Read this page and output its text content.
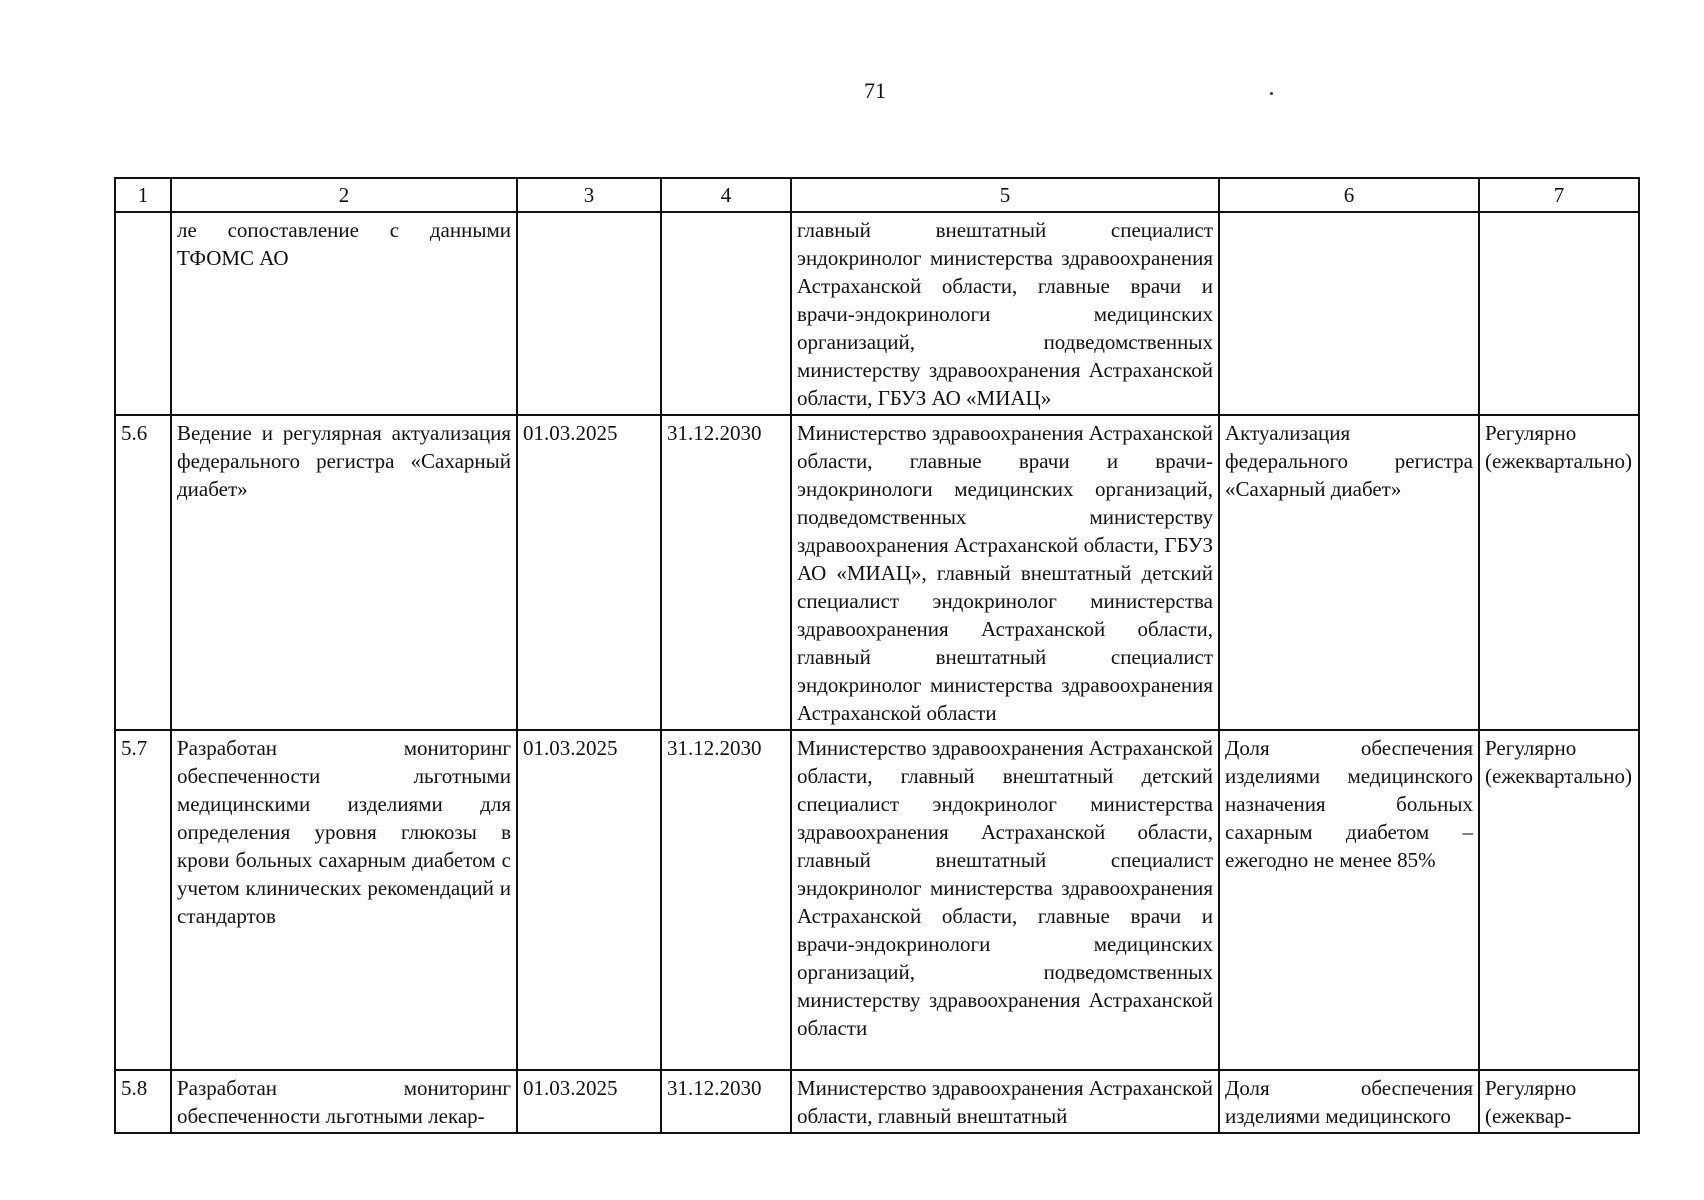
71
1	2	3	4	5	6	7
	ле сопоставление с данными ТФОМС АО			главный внештатный специалист эндокринолог министерства здравоохранения Астраханской области, главные врачи и врачи-эндокринологи медицинских организаций, подведомственных министерству здравоохранения Астраханской области, ГБУЗ АО «МИАЦ»		
5.6	Ведение и регулярная актуализация федерального регистра «Сахарный диабет»	01.03.2025	31.12.2030	Министерство здравоохранения Астраханской области, главные врачи и врачи-эндокринологи медицинских организаций, подведомственных министерству здравоохранения Астраханской области, ГБУЗ АО «МИАЦ», главный внештатный детский специалист эндокринолог министерства здравоохранения Астраханской области, главный внештатный специалист эндокринолог министерства здравоохранения Астраханской области	Актуализация федерального регистра «Сахарный диабет»	Регулярно (ежеквартально)
5.7	Разработан мониторинг обеспеченности льготными медицинскими изделиями для определения уровня глюкозы в крови больных сахарным диабетом с учетом клинических рекомендаций и стандартов	01.03.2025	31.12.2030	Министерство здравоохранения Астраханской области, главный внештатный детский специалист эндокринолог министерства здравоохранения Астраханской области, главный внештатный специалист эндокринолог министерства здравоохранения Астраханской области, главные врачи и врачи-эндокринологи медицинских организаций, подведомственных министерству здравоохранения Астраханской области	Доля обеспечения изделиями медицинского назначения больных сахарным диабетом – ежегодно не менее 85%	Регулярно (ежеквартально)
5.8	Разработан мониторинг обеспеченности льготными лекар-	01.03.2025	31.12.2030	Министерство здравоохранения Астраханской области, главный внештатный	Доля обеспечения изделиями медицинского	Регулярно (ежеквар-
